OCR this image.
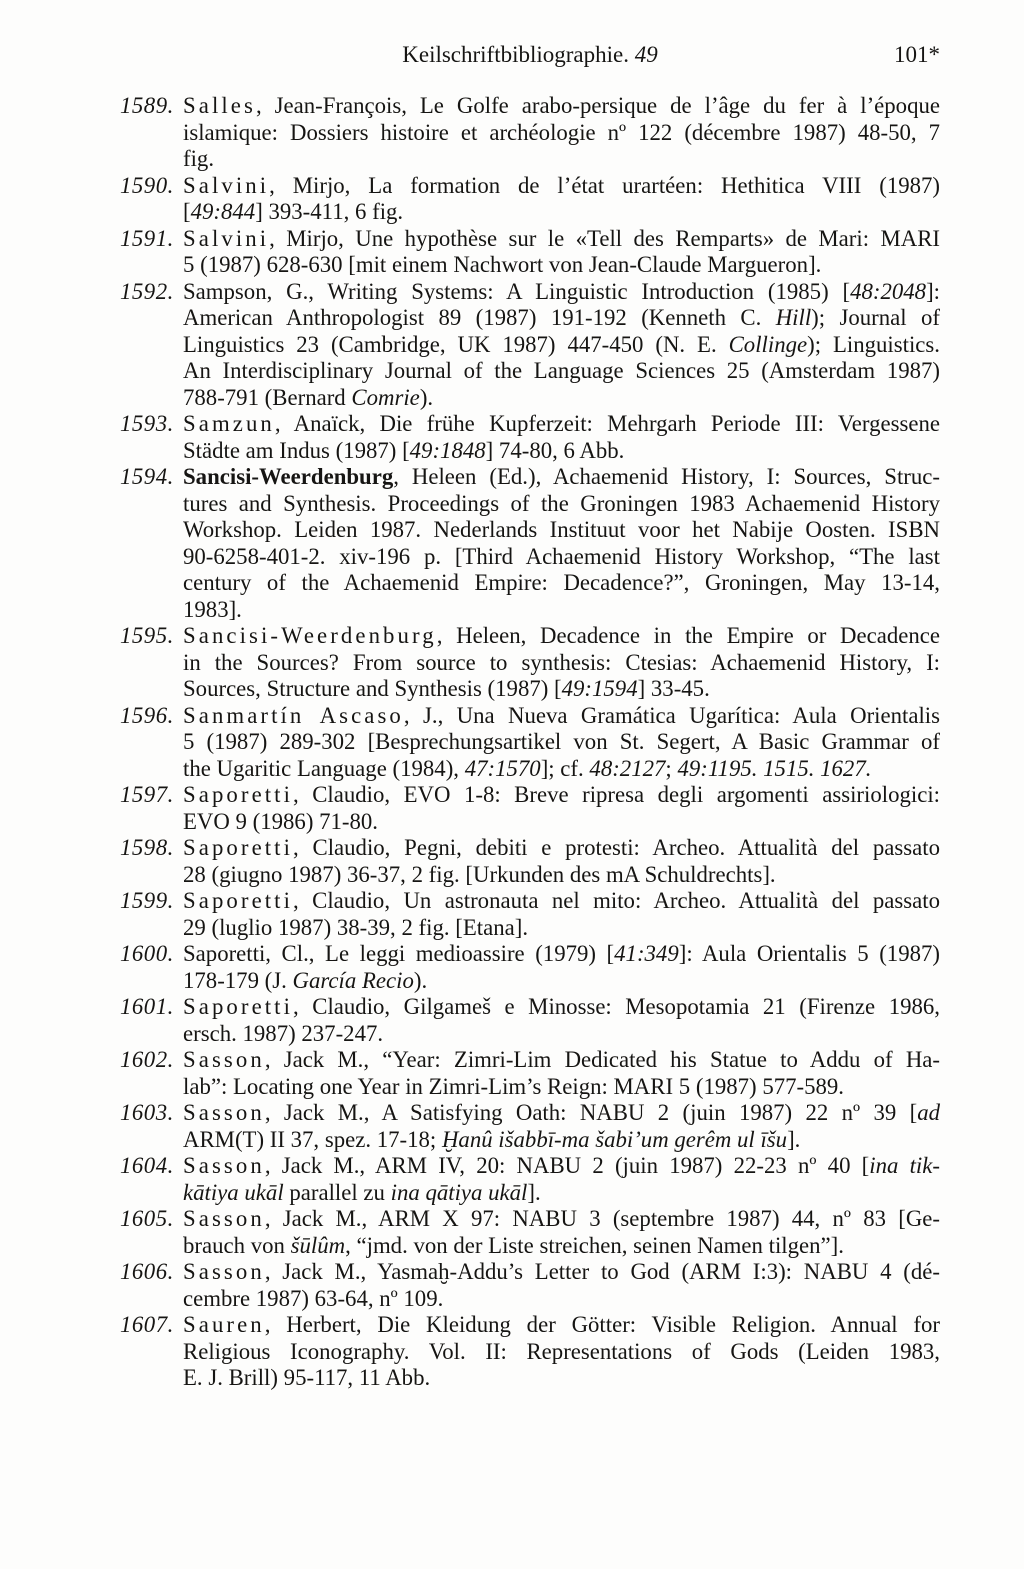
Keilschriftbibliographie. 49	101*
1589. Salles, Jean-François, Le Golfe arabo-persique de l’âge du fer à l’époque
islamique: Dossiers histoire et archéologie nº 122 (décembre 1987) 48-50, 7
fig.
1590. Salvini, Mirjo, La formation de l’état urartéen: Hethitica VIII (1987)
[49:844] 393-411, 6 fig.
1591. Salvini, Mirjo, Une hypothèse sur le «Tell des Remparts» de Mari: MARI
5 (1987) 628-630 [mit einem Nachwort von Jean-Claude Margueron].
1592. Sampson, G., Writing Systems: A Linguistic Introduction (1985) [48:2048]:
American Anthropologist 89 (1987) 191-192 (Kenneth C. Hill); Journal of
Linguistics 23 (Cambridge, UK 1987) 447-450 (N. E. Collinge); Linguistics.
An Interdisciplinary Journal of the Language Sciences 25 (Amsterdam 1987)
788-791 (Bernard Comrie).
1593. Samzun, Anaïck, Die frühe Kupferzeit: Mehrgarh Periode III: Vergessene
Städte am Indus (1987) [49:1848] 74-80, 6 Abb.
1594. Sancisi-Weerdenburg, Heleen (Ed.), Achaemenid History, I: Sources, Struc-
tures and Synthesis. Proceedings of the Groningen 1983 Achaemenid History
Workshop. Leiden 1987. Nederlands Instituut voor het Nabije Oosten. ISBN
90-6258-401-2. xiv-196 p. [Third Achaemenid History Workshop, “The last
century of the Achaemenid Empire: Decadence?”, Groningen, May 13-14,
1983].
1595. Sancisi-Weerdenburg, Heleen, Decadence in the Empire or Decadence
in the Sources? From source to synthesis: Ctesias: Achaemenid History, I:
Sources, Structure and Synthesis (1987) [49:1594] 33-45.
1596. Sanmartín Ascaso, J., Una Nueva Gramática Ugarítica: Aula Orientalis
5 (1987) 289-302 [Besprechungsartikel von St. Segert, A Basic Grammar of
the Ugaritic Language (1984), 47:1570]; cf. 48:2127; 49:1195. 1515. 1627.
1597. Saporetti, Claudio, EVO 1-8: Breve ripresa degli argomenti assiriologici:
EVO 9 (1986) 71-80.
1598. Saporetti, Claudio, Pegni, debiti e protesti: Archeo. Attualità del passato
28 (giugno 1987) 36-37, 2 fig. [Urkunden des mA Schuldrechts].
1599. Saporetti, Claudio, Un astronauta nel mito: Archeo. Attualità del passato
29 (luglio 1987) 38-39, 2 fig. [Etana].
1600. Saporetti, Cl., Le leggi medioassire (1979) [41:349]: Aula Orientalis 5 (1987)
178-179 (J. García Recio).
1601. Saporetti, Claudio, Gilgameš e Minosse: Mesopotamia 21 (Firenze 1986,
ersch. 1987) 237-247.
1602. Sasson, Jack M., “Year: Zimri-Lim Dedicated his Statue to Addu of Ha-
lab”: Locating one Year in Zimri-Lim’s Reign: MARI 5 (1987) 577-589.
1603. Sasson, Jack M., A Satisfying Oath: NABU 2 (juin 1987) 22 nº 39 [ad
ARM(T) II 37, spez. 17-18; Ḫanû išabbī-ma šabi’um gerêm ul īšu].
1604. Sasson, Jack M., ARM IV, 20: NABU 2 (juin 1987) 22-23 nº 40 [ina tik-
kātiya ukāl parallel zu ina qātiya ukāl].
1605. Sasson, Jack M., ARM X 97: NABU 3 (septembre 1987) 44, nº 83 [Ge-
brauch von šūlûm, “jmd. von der Liste streichen, seinen Namen tilgen”].
1606. Sasson, Jack M., Yasmaḫ-Addu’s Letter to God (ARM I:3): NABU 4 (dé-
cembre 1987) 63-64, nº 109.
1607. Sauren, Herbert, Die Kleidung der Götter: Visible Religion. Annual for
Religious Iconography. Vol. II: Representations of Gods (Leiden 1983,
E. J. Brill) 95-117, 11 Abb.
